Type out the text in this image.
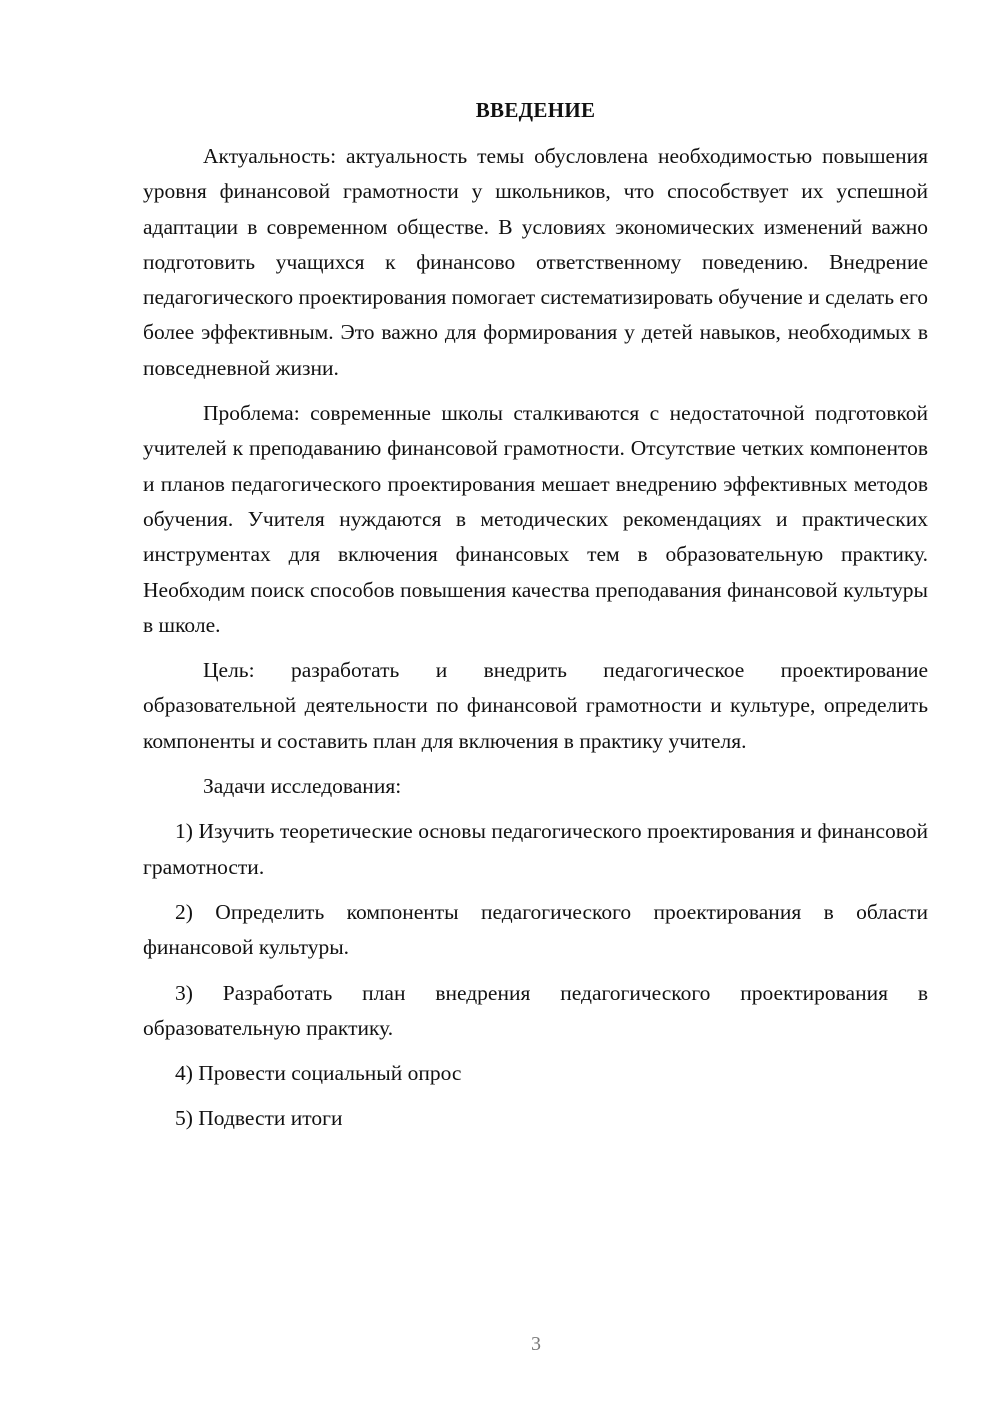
ВВЕДЕНИЕ

Актуальность: актуальность темы обусловлена необходимостью повышения уровня финансовой грамотности у школьников, что способствует их успешной адаптации в современном обществе. В условиях экономических изменений важно подготовить учащихся к финансово ответственному поведению. Внедрение педагогического проектирования помогает систематизировать обучение и сделать его более эффективным. Это важно для формирования у детей навыков, необходимых в повседневной жизни.

Проблема: современные школы сталкиваются с недостаточной подготовкой учителей к преподаванию финансовой грамотности. Отсутствие четких компонентов и планов педагогического проектирования мешает внедрению эффективных методов обучения. Учителя нуждаются в методических рекомендациях и практических инструментах для включения финансовых тем в образовательную практику. Необходим поиск способов повышения качества преподавания финансовой культуры в школе.

Цель: разработать и внедрить педагогическое проектирование образовательной деятельности по финансовой грамотности и культуре, определить компоненты и составить план для включения в практику учителя.

Задачи исследования:

1) Изучить теоретические основы педагогического проектирования и финансовой грамотности.

2) Определить компоненты педагогического проектирования в области финансовой культуры.

3) Разработать план внедрения педагогического проектирования в образовательную практику.

4) Провести социальный опрос

5) Подвести итоги

3
